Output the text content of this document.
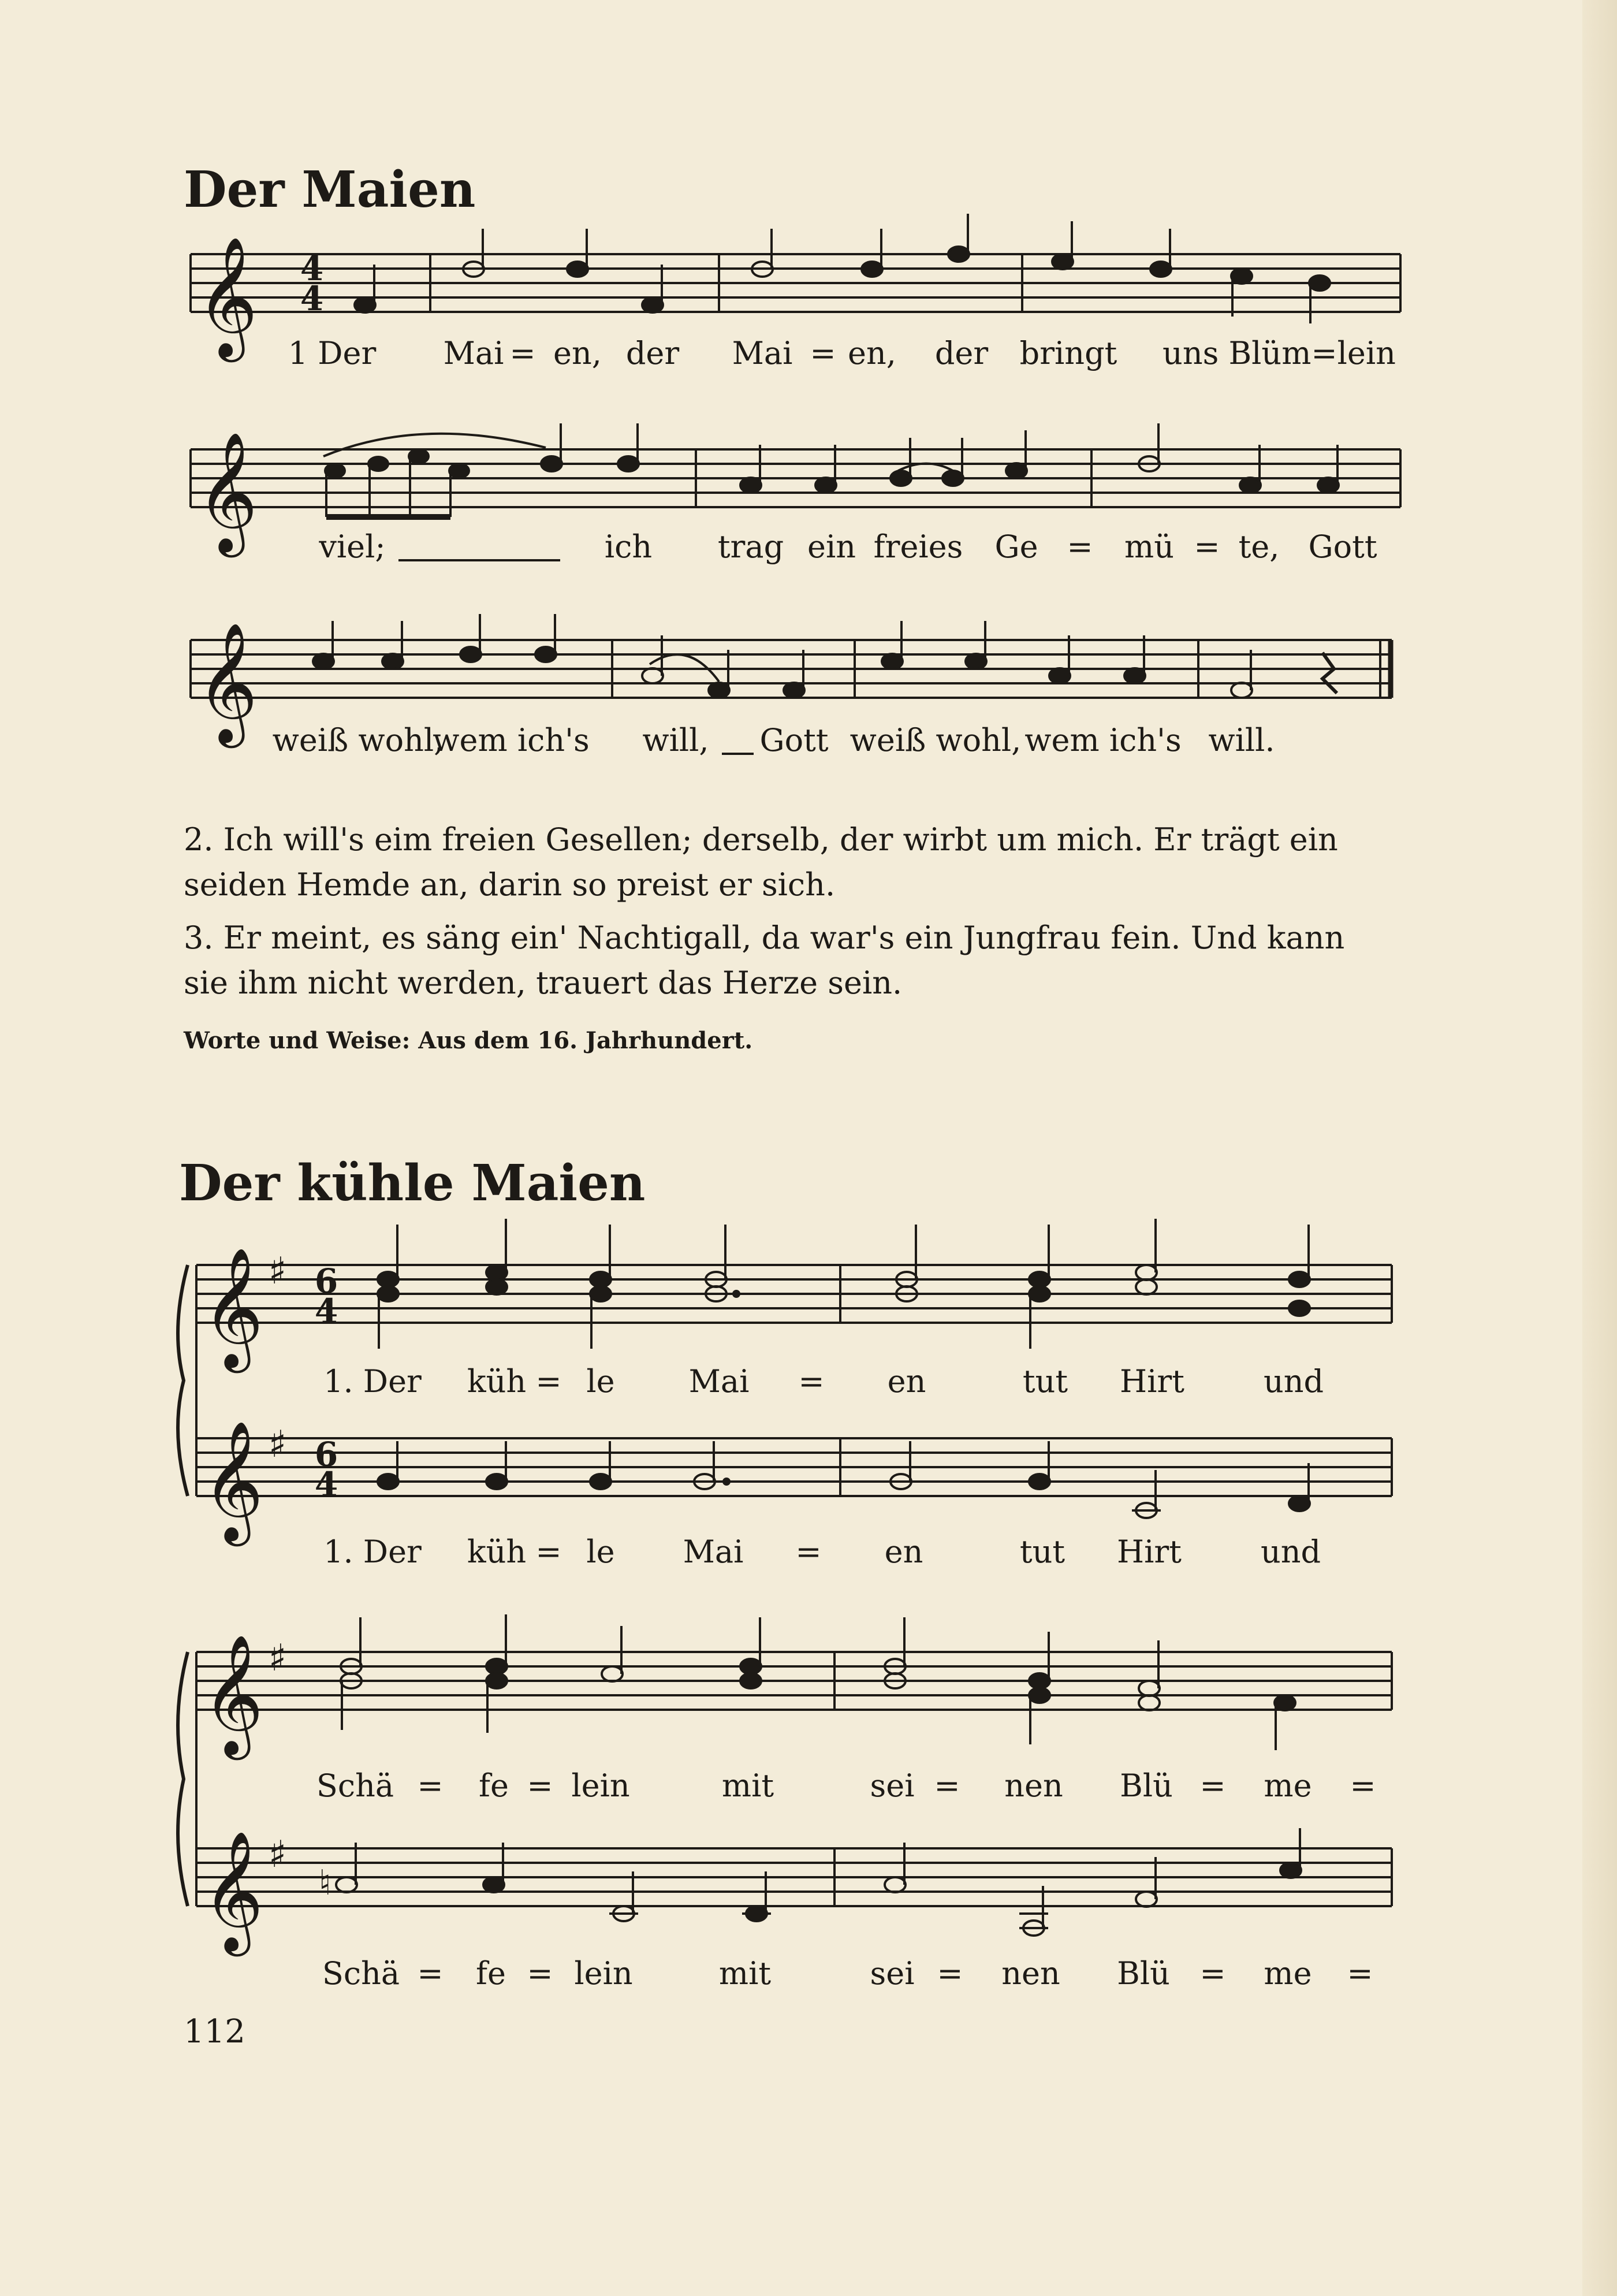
Der Maien
𝄞
𝄞
𝄞
4
4
1 Der Mai = en, der Mai = en, der bringt uns Blüm=lein
viel;	ich trag ein freies Ge = mü = te, Gott
weiß wohl,
wem ich's will, Gott weiß wohl, wem ich's will.
2. Ich will's eim freien Gesellen; derselb, der wirbt um mich. Er trägt ein
seiden Hemde an, darin so preist er sich.
3. Er meint, es säng ein' Nachtigall, da war's ein Jungfrau fein. Und kann
sie ihm nicht werden, trauert das Herze sein.
Worte und Weise: Aus dem 16. Jahrhundert.
Der kühle Maien
𝄞
𝄞
𝄞
𝄞
♯
♯
♯
♯
6
4
6
4
♮
1. Der küh = le Mai = en	tut Hirt	und
1. Der küh = le Mai = en	tut Hirt	und
Schä = fe = lein	mit	sei = nen Blü = me =
Schä = fe = lein	mit	sei = nen Blü = me =
112
